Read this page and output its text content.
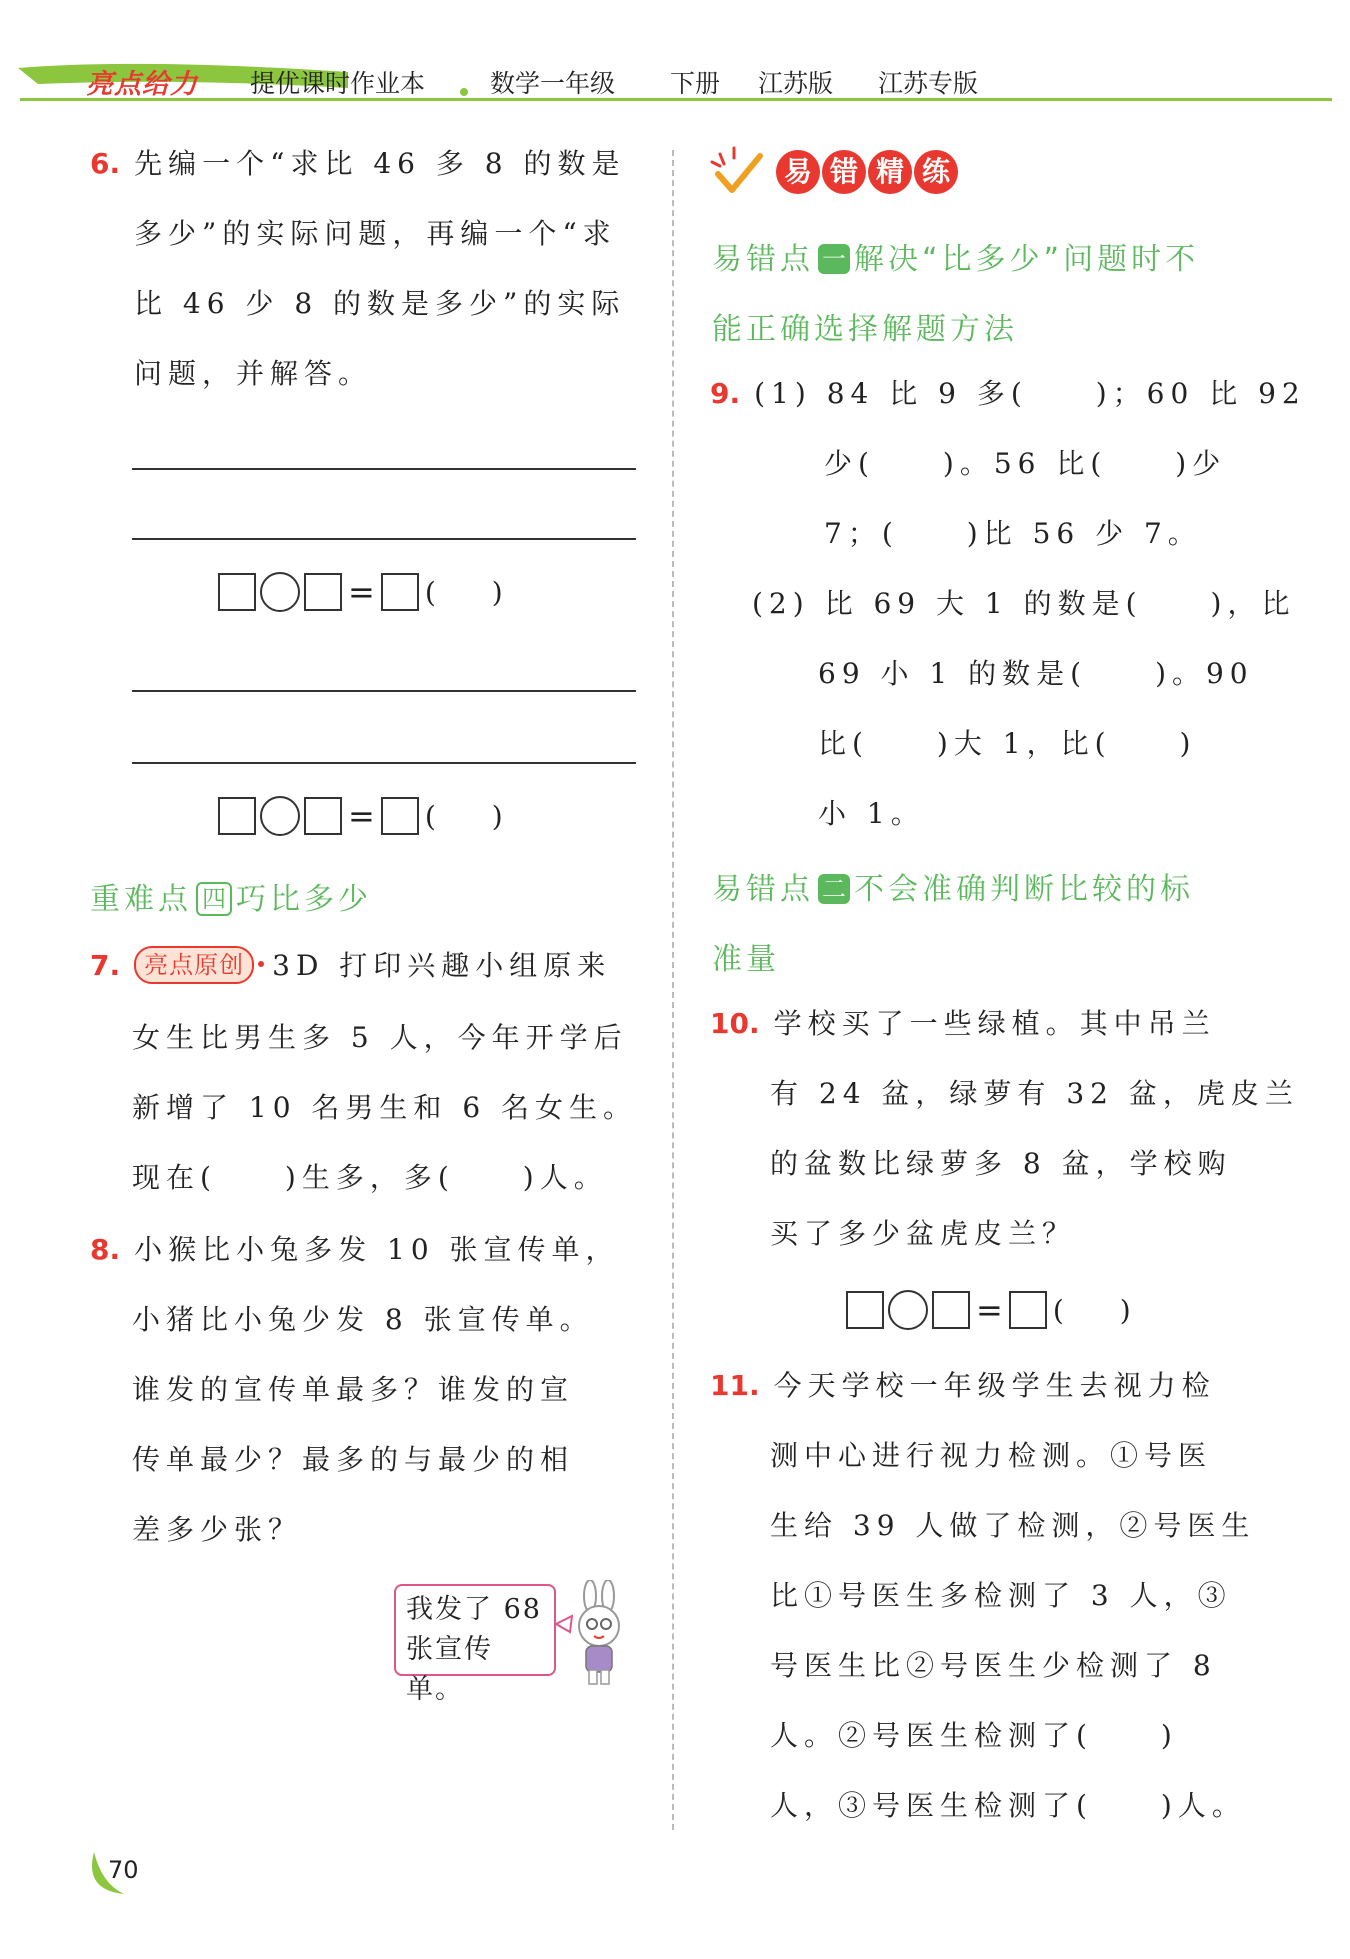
亮点给力 提优课时作业本	数学一年级 下册 江苏版 江苏专版
6. 先编一个“求比 46 多 8 的数是
多少”的实际问题，再编一个“求
比 46 少 8 的数是多少”的实际
问题，并解答。
= (   )
= (   )
重难点 四 巧比多少
7. 亮点原创 3D 打印兴趣小组原来
女生比男生多 5 人，今年开学后
新增了 10 名男生和 6 名女生。
现在(　　)生多，多(　　)人。
8. 小猴比小兔多发 10 张宣传单，
小猪比小兔少发 8 张宣传单。
谁发的宣传单最多？谁发的宣
传单最少？最多的与最少的相
差多少张？
我发了 68
张宣传单。
易 错 精 练
易错点 一 解决“比多少”问题时不
能正确选择解题方法
9. (1) 84 比 9 多(　　)；60 比 92
少(　　)。56 比(　　)少
7；(　　)比 56 少 7。
(2) 比 69 大 1 的数是(　　)，比
69 小 1 的数是(　　)。90
比(　　)大 1，比(　　)
小 1。
易错点 二 不会准确判断比较的标
准量
10. 学校买了一些绿植。其中吊兰
有 24 盆，绿萝有 32 盆，虎皮兰
的盆数比绿萝多 8 盆，学校购
买了多少盆虎皮兰？
= (   )
11. 今天学校一年级学生去视力检
测中心进行视力检测。①号医
生给 39 人做了检测，②号医生
比①号医生多检测了 3 人，③
号医生比②号医生少检测了 8
人。②号医生检测了(　　)
人，③号医生检测了(　　)人。
70
